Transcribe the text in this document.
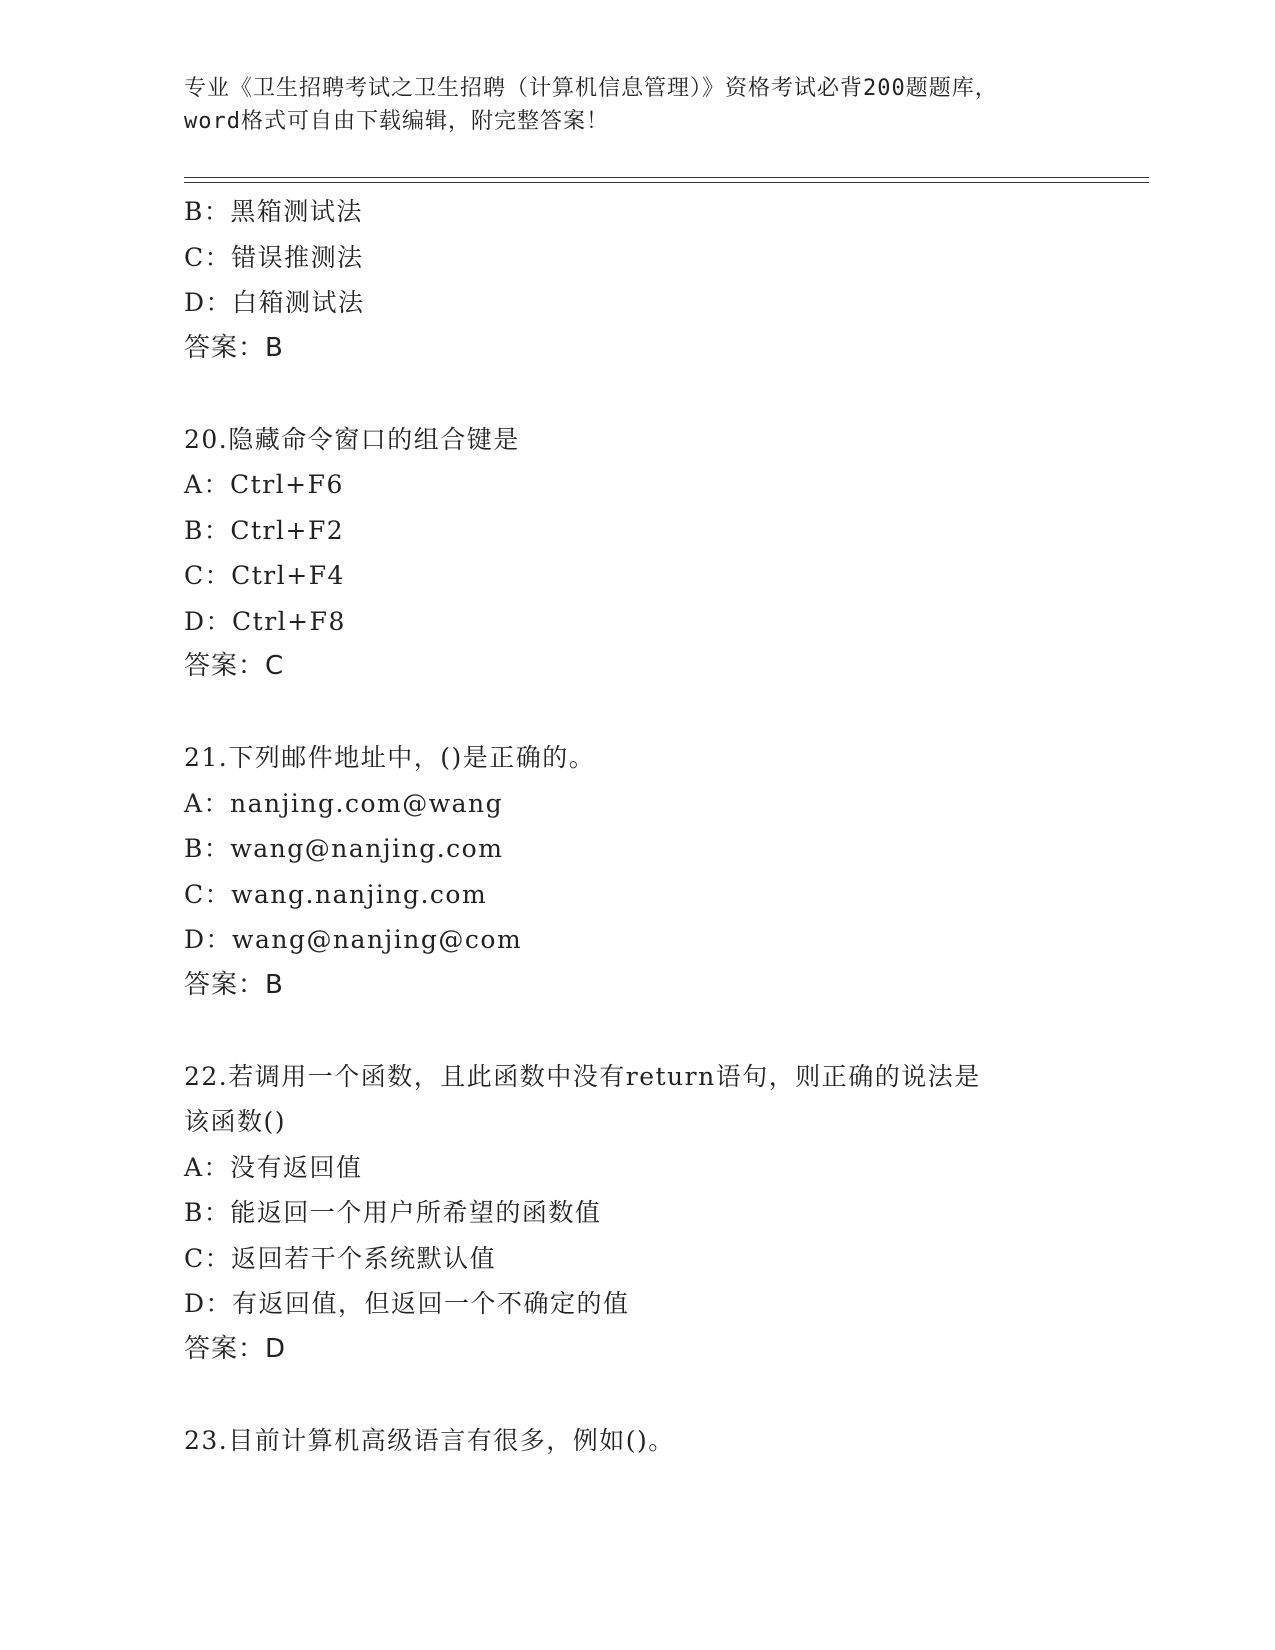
专业《卫生招聘考试之卫生招聘（计算机信息管理）》资格考试必背200题题库，
word格式可自由下载编辑，附完整答案！
B：黑箱测试法
C：错误推测法
D：白箱测试法
答案：B
20.隐藏命令窗口的组合键是
A：Ctrl+F6
B：Ctrl+F2
C：Ctrl+F4
D：Ctrl+F8
答案：C
21.下列邮件地址中，()是正确的。
A：nanjing.com@wang
B：wang@nanjing.com
C：wang.nanjing.com
D：wang@nanjing@com
答案：B
22.若调用一个函数，且此函数中没有return语句，则正确的说法是
该函数()
A：没有返回值
B：能返回一个用户所希望的函数值
C：返回若干个系统默认值
D：有返回值，但返回一个不确定的值
答案：D
23.目前计算机高级语言有很多，例如()。
